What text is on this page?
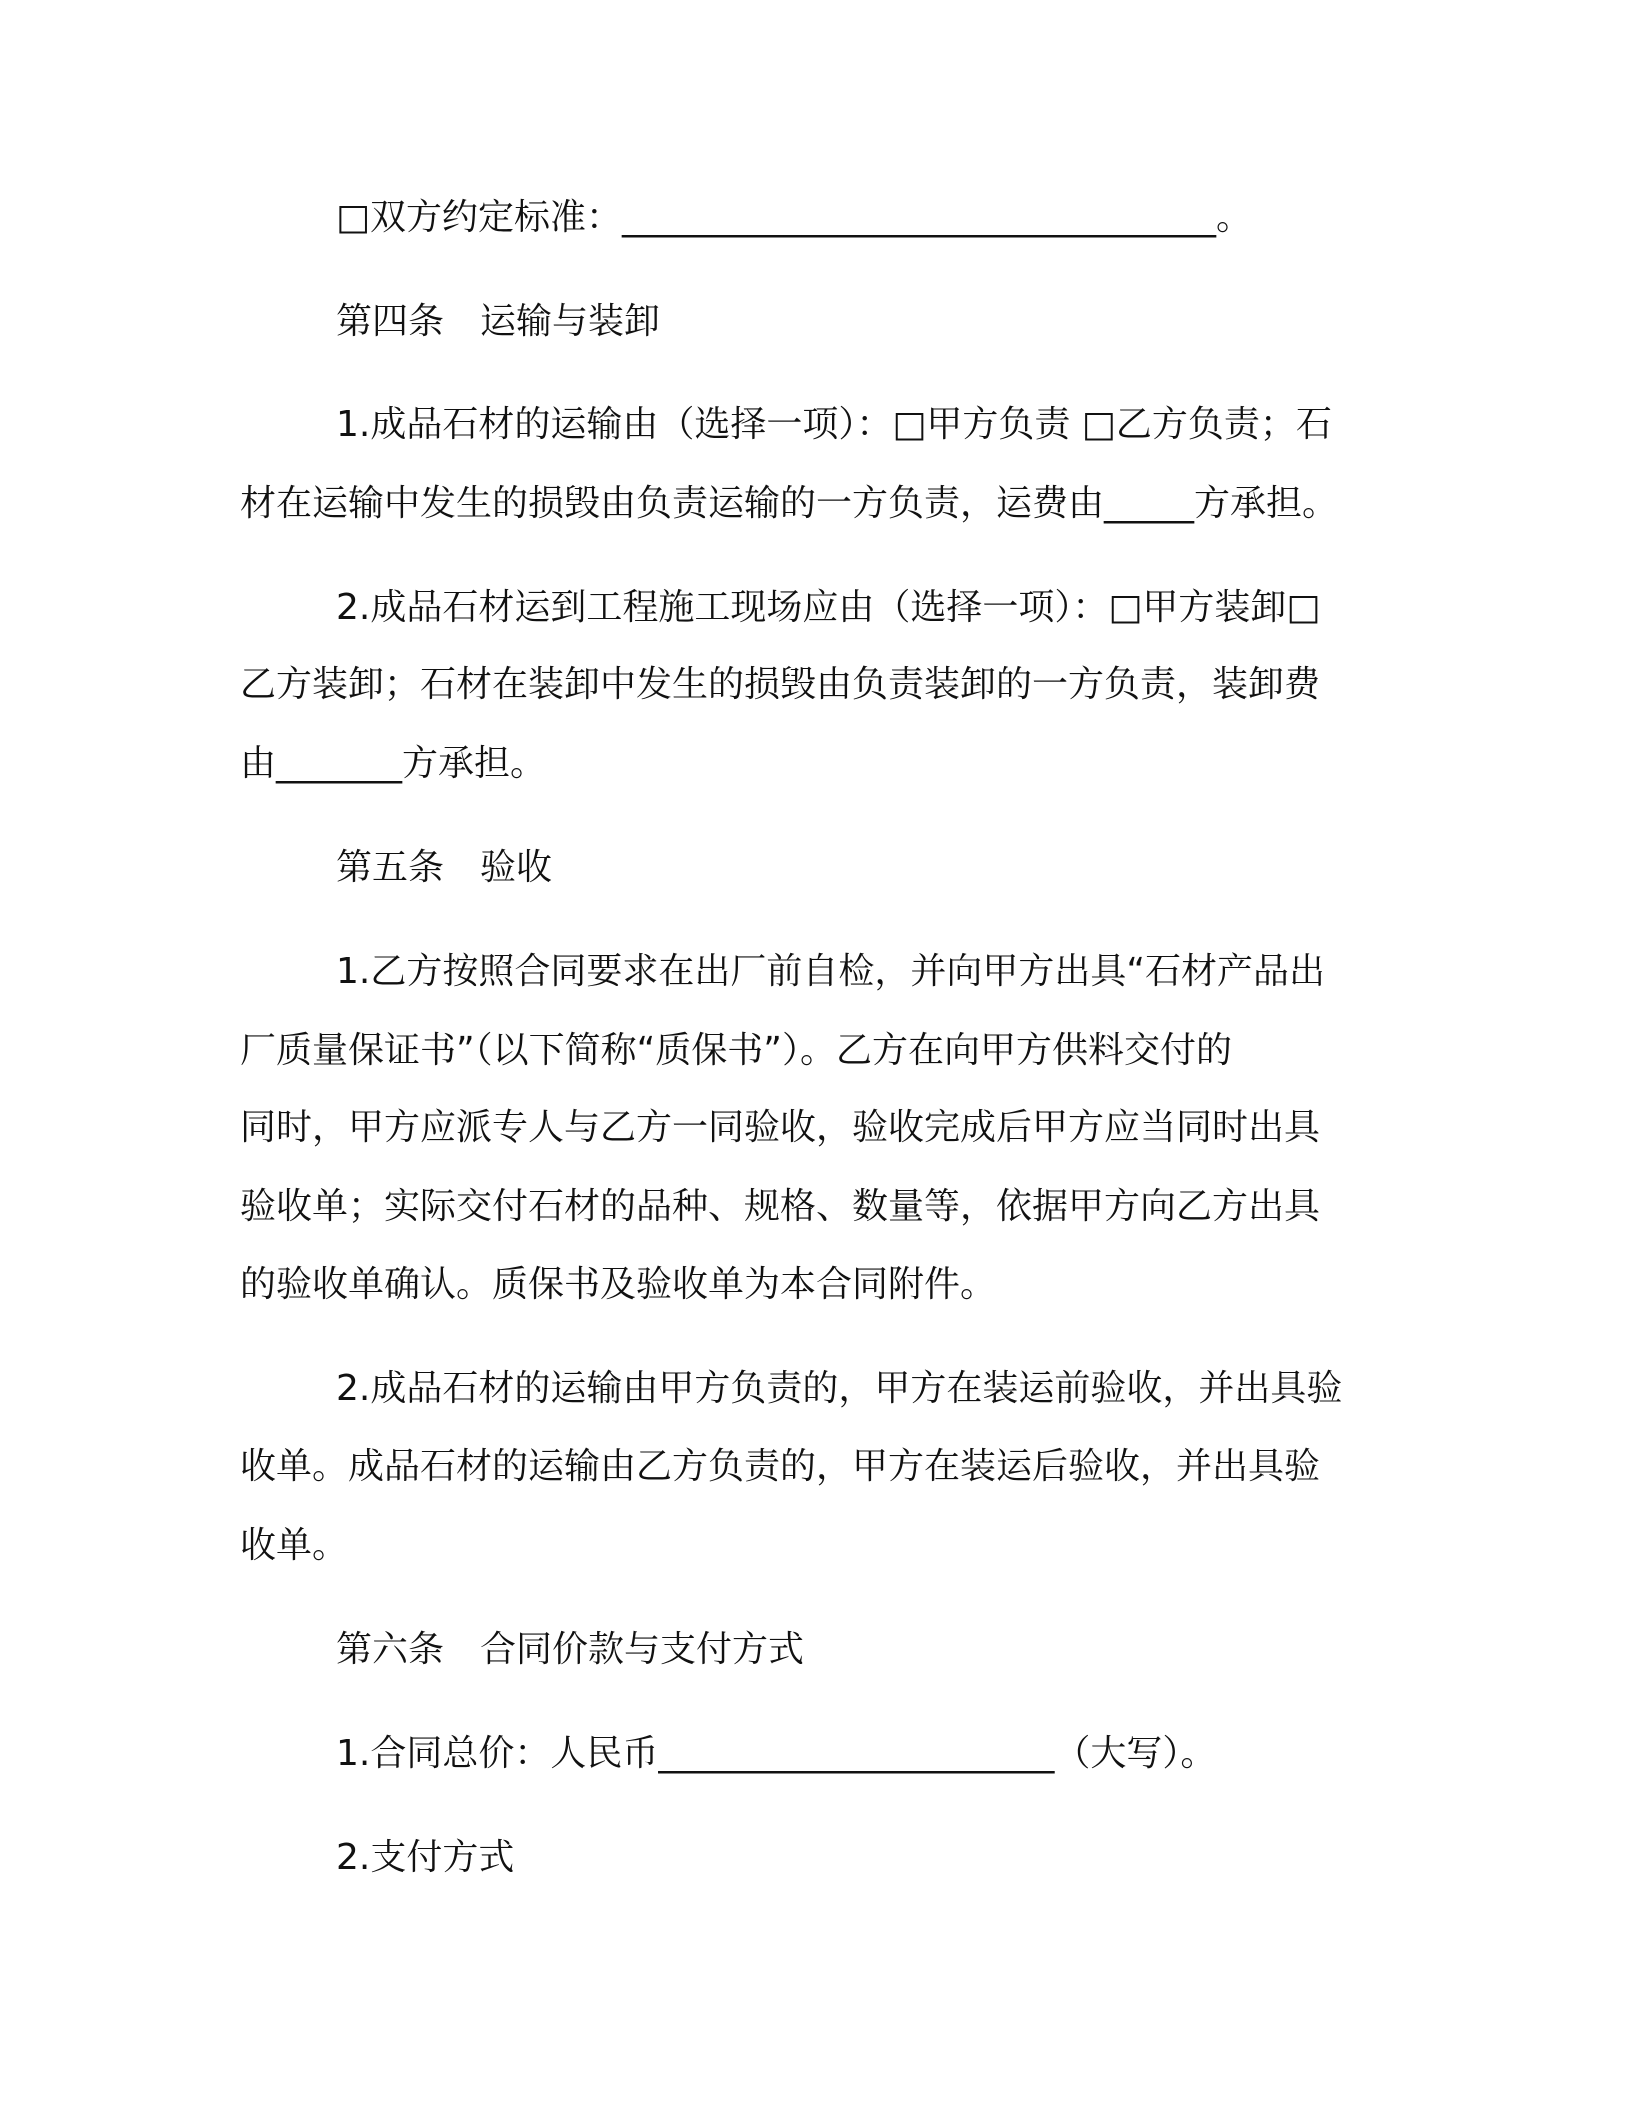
□双方约定标准：_________________________________。
第四条　运输与装卸
1.成品石材的运输由（选择一项）：□甲方负责 □乙方负责；石
材在运输中发生的损毁由负责运输的一方负责，运费由_____方承担。
2.成品石材运到工程施工现场应由（选择一项）：□甲方装卸□
乙方装卸；石材在装卸中发生的损毁由负责装卸的一方负责，装卸费
由_______方承担。
第五条　验收
1.乙方按照合同要求在出厂前自检，并向甲方出具“石材产品出
厂质量保证书”（以下简称“质保书”）。乙方在向甲方供料交付的
同时，甲方应派专人与乙方一同验收，验收完成后甲方应当同时出具
验收单；实际交付石材的品种、规格、数量等，依据甲方向乙方出具
的验收单确认。质保书及验收单为本合同附件。
2.成品石材的运输由甲方负责的，甲方在装运前验收，并出具验
收单。成品石材的运输由乙方负责的，甲方在装运后验收，并出具验
收单。
第六条　合同价款与支付方式
1.合同总价：人民币______________________（大写）。
2.支付方式
